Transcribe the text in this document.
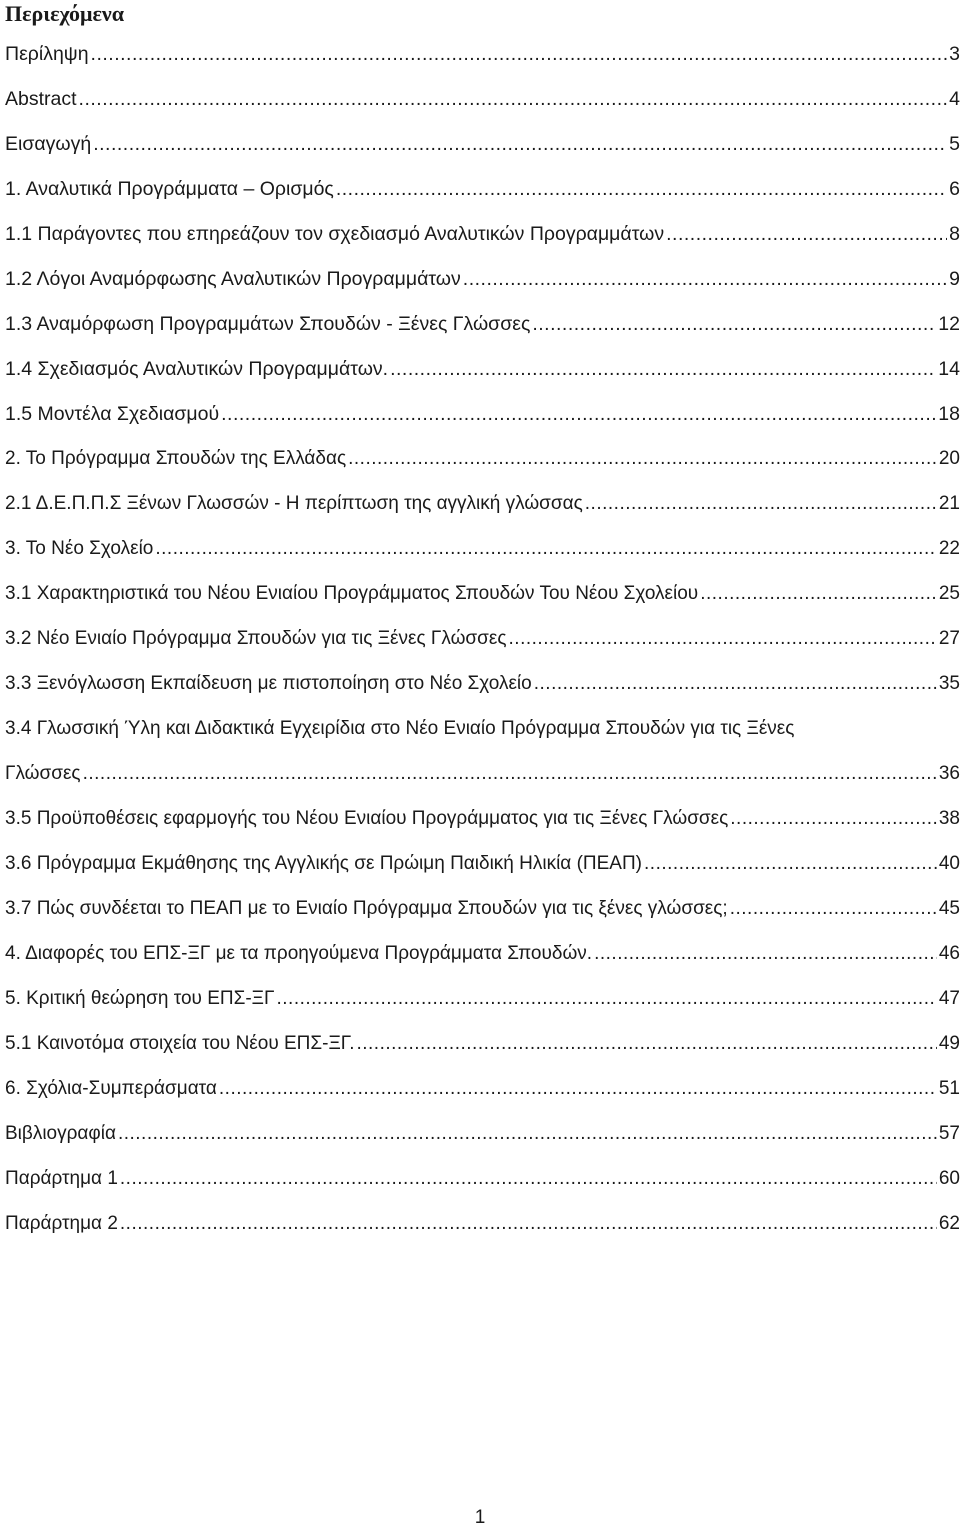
Περιεχόμενα
Περίληψη .....	3
Abstract .....	4
Εισαγωγή .....	5
1. Αναλυτικά Προγράμματα – Ορισμός .....	6
1.1 Παράγοντες που επηρεάζουν τον σχεδιασμό Αναλυτικών Προγραμμάτων .....	8
1.2 Λόγοι Αναμόρφωσης Αναλυτικών Προγραμμάτων .....	9
1.3 Αναμόρφωση Προγραμμάτων Σπουδών - Ξένες Γλώσσες .....	12
1.4 Σχεδιασμός Αναλυτικών Προγραμμάτων. .....	14
1.5 Μοντέλα Σχεδιασμού .....	18
2. Το Πρόγραμμα Σπουδών της Ελλάδας .....	20
2.1 Δ.Ε.Π.Π.Σ Ξένων Γλωσσών - Η περίπτωση της αγγλική γλώσσας .....	21
3. Το Νέο Σχολείο .....	22
3.1 Χαρακτηριστικά του Νέου Ενιαίου Προγράμματος Σπουδών Του Νέου Σχολείου .....	25
3.2 Νέο Ενιαίο Πρόγραμμα Σπουδών για τις Ξένες Γλώσσες .....	27
3.3 Ξενόγλωσση Εκπαίδευση με πιστοποίηση στο Νέο Σχολείο .....	35
3.4 Γλωσσική Ύλη και Διδακτικά Εγχειρίδια στο Νέο Ενιαίο Πρόγραμμα Σπουδών για τις Ξένες
Γλώσσες .....	36
3.5 Προϋποθέσεις εφαρμογής του Νέου Ενιαίου Προγράμματος για τις Ξένες Γλώσσες .....	38
3.6 Πρόγραμμα Εκμάθησης της Αγγλικής σε Πρώιμη Παιδική Ηλικία (ΠΕΑΠ) .....	40
3.7 Πώς συνδέεται το ΠΕΑΠ με το Ενιαίο Πρόγραμμα Σπουδών για τις ξένες γλώσσες; .....	45
4. Διαφορές του ΕΠΣ-ΞΓ με τα προηγούμενα Προγράμματα Σπουδών. .....	46
5. Κριτική θεώρηση του ΕΠΣ-ΞΓ .....	47
5.1 Καινοτόμα στοιχεία του Νέου ΕΠΣ-ΞΓ. .....	49
6. Σχόλια-Συμπεράσματα .....	51
Βιβλιογραφία .....	57
Παράρτημα 1 .....	60
Παράρτημα 2 .....	62
1
